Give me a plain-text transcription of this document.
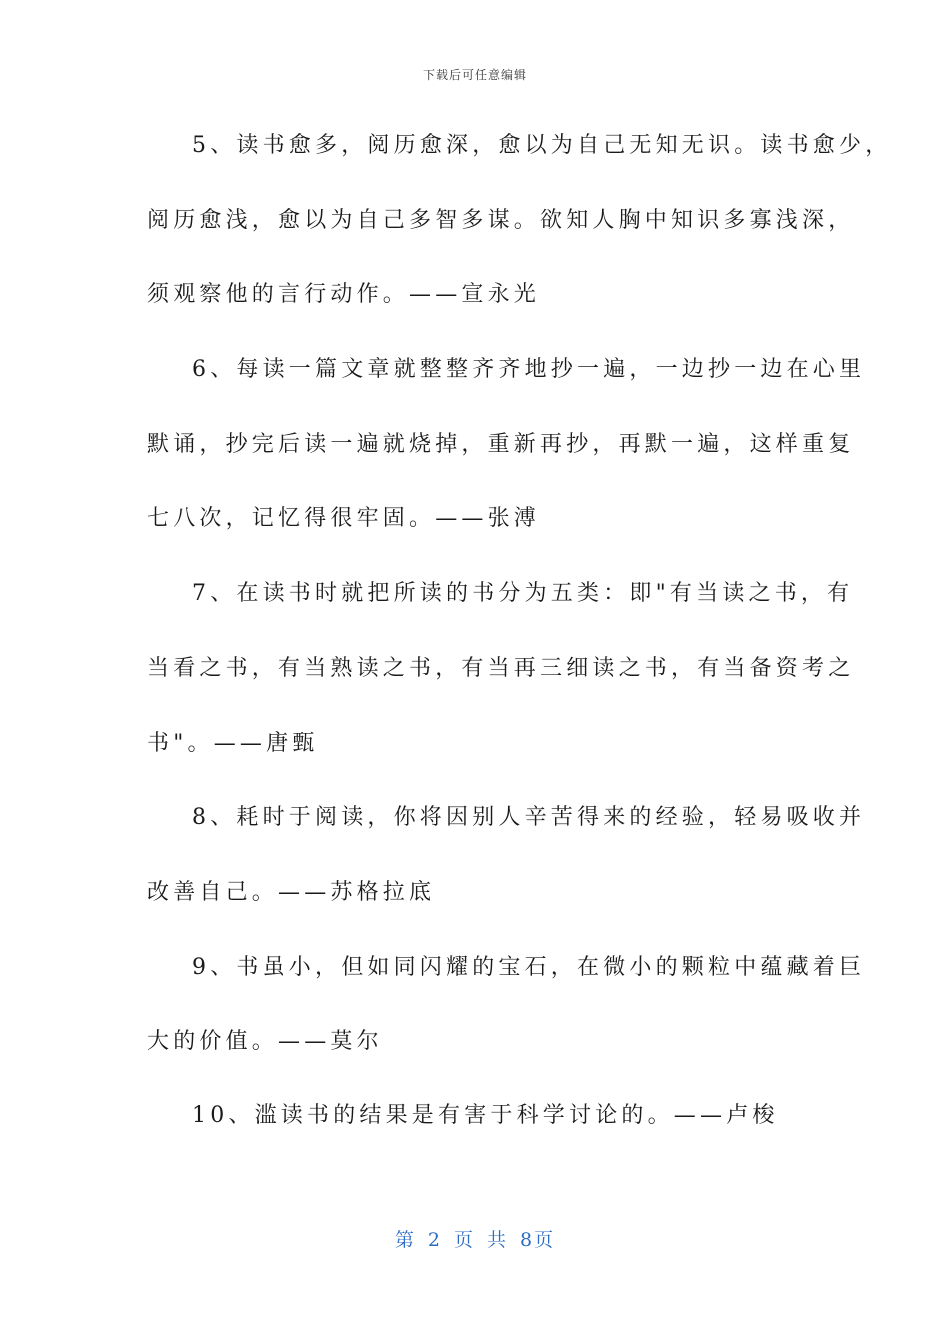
下载后可任意编辑
5、读书愈多，阅历愈深，愈以为自己无知无识。读书愈少，
阅历愈浅，愈以为自己多智多谋。欲知人胸中知识多寡浅深，
须观察他的言行动作。——宣永光
6、每读一篇文章就整整齐齐地抄一遍，一边抄一边在心里
默诵，抄完后读一遍就烧掉，重新再抄，再默一遍，这样重复
七八次，记忆得很牢固。——张溥
7、在读书时就把所读的书分为五类：即"有当读之书，有
当看之书，有当熟读之书，有当再三细读之书，有当备资考之
书"。——唐甄
8、耗时于阅读，你将因别人辛苦得来的经验，轻易吸收并
改善自己。——苏格拉底
9、书虽小，但如同闪耀的宝石，在微小的颗粒中蕴藏着巨
大的价值。——莫尔
10、滥读书的结果是有害于科学讨论的。——卢梭
第 2 页 共 8页
